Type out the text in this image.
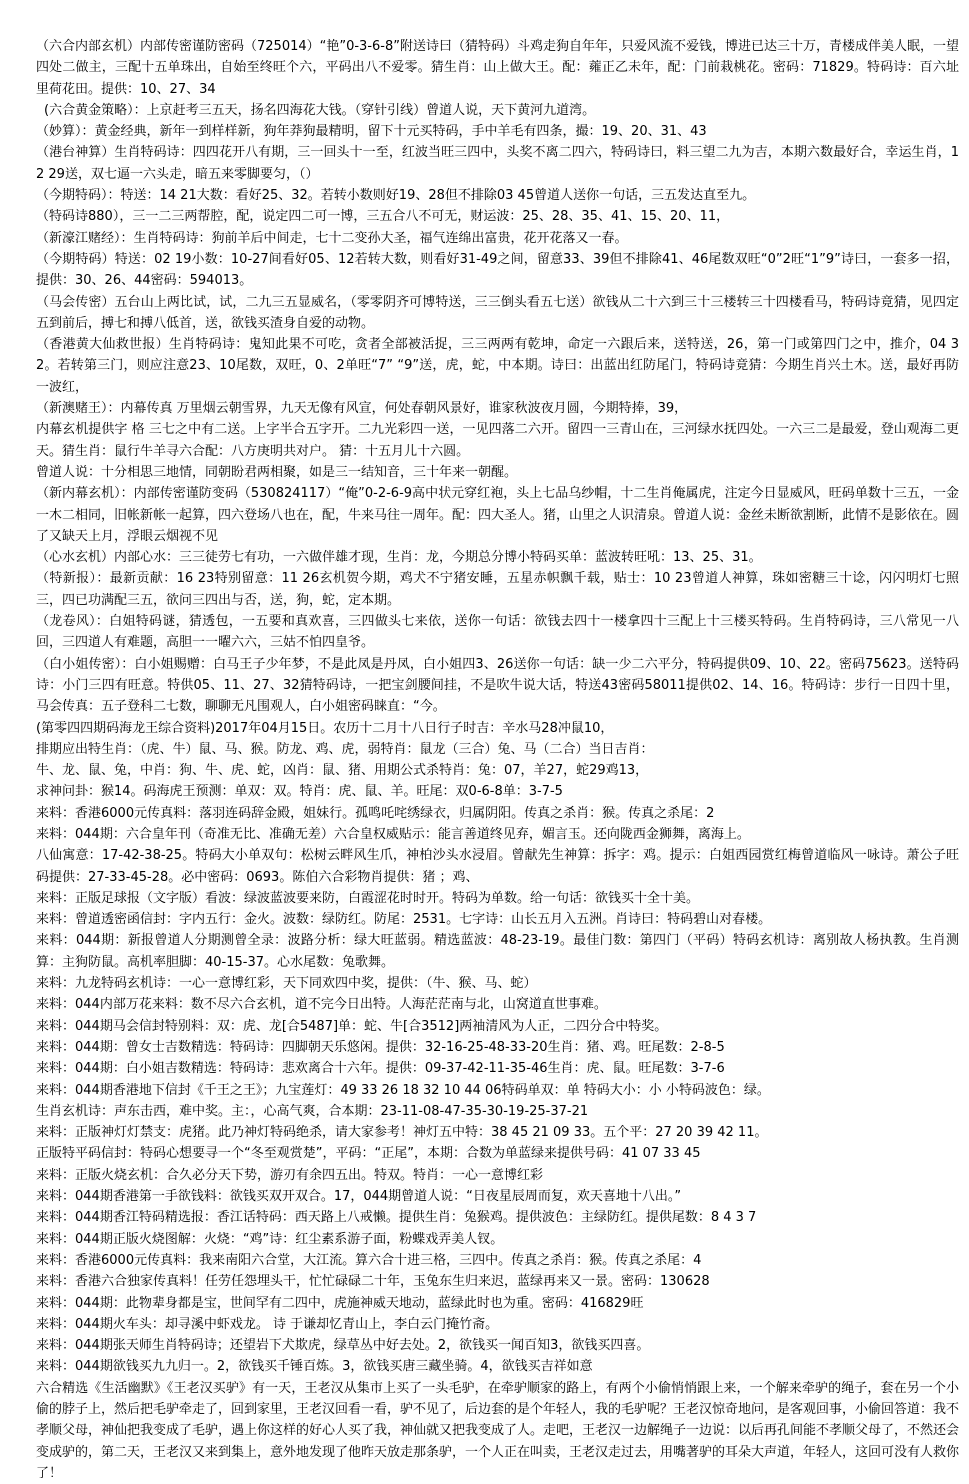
（六合内部玄机）内部传密谨防密码（725014）“艳”0-3-6-8”附送诗曰（猜特码）斗鸡走狗自年年，只爱风流不爱钱，博进已达三十万，青楼成伴美人眠，一望四处二做主，三配十五单珠出，自始至终旺个六，平码出八不爱零。猜生肖：山上做大王。配：蕹正乙未年，配：门前栽桃花。密码：71829。特码诗：百六址里荷花田。提供：10、27、34

(六合黄金策略）：上京赶考三五天，扬名四海花大钱。（穿针引线）曾道人说，天下黄河九道湾。

（妙算）：黄金经典，新年一到样样新，狗年莽狗最精明，留下十元买特码，手中羊毛有四条，撮：19、20、31、43

（港台神算）生肖特码诗：四四花开八有期，三一回头十一至，红波当旺三四中，头奖不离二四六，特码诗曰，料三望二九为吉，本期六数最好合，幸运生肖，12 29送，双七逼一六头走，暗五来零脚要匀，（）

（今期特码）：特送：14 21大数：看好25、32。若转小数则好19、28但不排除03 45曾道人送你一句话，三五发达直至九。

（特码诗880），三一二三两帮腔，配，说定四二可一博，三五合八不可无，财运波：25、28、35、41、15、20、11，

（新濠江赌经）：生肖特码诗：狗前羊后中间走，七十二变孙大圣，福气连绵出富贵，花开花落又一春。

（今期特码）特送：02 19小数：10-27间看好05、12若转大数，则看好31-49之间，留意33、39但不排除41、46尾数双旺“0”2旺“1”9”诗曰，一套多一招，提供：30、26、44密码：594013。

（马会传密）五台山上两比试，试，二九三五显威名，（零零阴齐可博特送，三三倒头看五七送）欲钱从二十六到三十三楼转三十四楼看马，特码诗竟猜，见四定五到前后，搏七和搏八低首，送，欲钱买渣身自爱的动物。

（香港黄大仙救世报）生肖特码诗：鬼知此果不可吃，贪者全部被活捉，三三两两有乾坤，命定一六跟后来，送特送，26，第一门或第四门之中，推介，04 32。若转第三门，则应注意23、10尾数，双旺，0、2单旺“7” “9”送，虎，蛇，中本期。诗曰：出蓝出红防尾门，特码诗竟猜：今期生肖兴土木。送，最好再防一波红，

（新澳赌王）：内幕传真 万里烟云朝雪界，九天无像有风宣，何处春朝风景好，谁家秋波夜月圆，今期特捧，39，

内幕玄机提供字 格 三七之中有二送。上字半合五字开。二九光彩四一送，一见四落二六开。留四一三青山在，三河绿水抚四处。一六三二是最爱，登山观海二更天。猜生肖：鼠行牛羊寻六合配：八方庚明共对户。 猜：十五月儿十六圆。

曾道人说：十分相思三地情，同朝盼君两相聚，如是三一结知音，三十年来一朝醒。

（新内幕玄机）：内部传密谨防变码（530824117）“俺”0-2-6-9高中状元穿红袍，头上七品乌纱帽，十二生肖俺属虎，注定今日显威风，旺码单数十三五，一金一木二相同，旧帐新帐一起算，四六登场八也在，配，牛来马往一周年。配：四大圣人。猪，山里之人识清泉。曾道人说：金丝未断欲割断，此情不是影依在。圆了又缺天上月，浮眼云烟视不见

（心水玄机）内部心水：三三徒劳七有功，一六做伴雄才现，生肖：龙，今期总分博小特码买单：蓝波转旺吼：13、25、31。

（特新报）：最新贡献：16 23特别留意：11 26玄机贺今期，鸡犬不宁猪安睡，五星赤帜飘千载，贴士：10 23曾道人神算，珠如密糖三十谂，闪闪明灯七照三，四已功满配三五，欲问三四出与否，送，狗，蛇，定本期。

（龙卷风）：白姐特码谜，猜透包，一五要和真欢喜，三四做头七来依，送你一句话：欲钱去四十一楼拿四十三配上十三楼买特码。生肖特码诗，三八常见一八回，三四道人有难题，高胆一一曜六六，三姑不怕四皇爷。

（白小姐传密）：白小姐赐赠：白马王子少年梦，不是此凤是丹凤，白小姐四3、26送你一句话：缺一少二六平分，特码提供09、10、22。密码75623。送特码诗：小门三四有旺意。特供05、11、27、32猜特码诗，一把宝剑腰间挂，不是吹牛说大话，特送43密码58011提供02、14、16。特码诗：步行一日四十里，马会传真：五子登科二七数，聊聊无凡围观人，白小姐密码睐直：“今。

(第零四四期码海龙王综合资料)2017年04月15日。农历十二月十八日行子时吉：辛水马28冲鼠10，

排期应出特生肖：（虎、牛）鼠、马、猴。防龙、鸡、虎，弱特肖：鼠龙（三合）兔、马（二合）当日吉肖：

牛、龙、鼠、兔，中肖：狗、牛、虎、蛇，凶肖：鼠、猪、用期公式杀特肖：兔：07，羊27，蛇29鸡13，

求神问卦：猴14。码海虎王预测：单双：双。特肖：虎、鼠、羊。旺尾：双0-6-8单：3-7-5

来料：香港6000元传真料：落羽连码辞金殿，姐妹行。孤鸣吒咤绣绿衣，归属阴阳。传真之杀肖：猴。传真之杀尾：2

来料：044期：六合皇年刊（奇准无比、准确无差）六合皇权威贴示：能言善道终见弃，媚言玉。还向陇西金狮舞，离海上。

八仙寓意：17-42-38-25。特码大小单双句：松树云畔风生爪，神柏沙头水浸眉。曾献先生神算：拆字：鸡。提示：白姐西园赏红梅曾道临风一咏诗。萧公子旺码提供：27-33-45-28。必中密码：0693。陈伯六合彩物肖提供：猪 ；鸡、

来料：正版足球报（文字版）看波：绿波蓝波要来防，白霞涩花时时开。特码为单数。给一句话：欲钱买十全十美。

来料：曾道透密函信封：字内五行：金火。波数：绿防红。防尾：2531。七字诗：山长五月入五洲。肖诗曰：特码碧山对春楼。

来料：044期：新报曾道人分期测曾全录：波路分析：绿大旺蓝弱。精选蓝波：48-23-19。最佳门数：第四门（平码）特码玄机诗：离别故人杨执教。生肖测算：主狗防鼠。高机率胆脚：40-15-37。心水尾数：兔歌舞。

来料：九龙特码玄机诗：一心一意博红彩，天下同欢四中奖，提供：（牛、猴、马、蛇）

来料：044内部万花来料：数不尽六合玄机，道不完今日出特。人海茫茫南与北，山窝道直世事难。

来料：044期马会信封特别料：双：虎、龙[合5487]单：蛇、牛[合3512]两袖清风为人正，二四分合中特奖。

来料：044期：曾女士吉数精选：特码诗：四脚朝天乐悠闲。提供：32-16-25-48-33-20生肖：猪、鸡。旺尾数：2-8-5

来料：044期：白小姐吉数精选：特码诗：悲欢离合十六年。提供：09-37-42-11-35-46生肖：虎、鼠。旺尾数：3-7-6

来料：044期香港地下信封《千王之王》；九宝莲灯：49 33 26 18 32 10 44 06特码单双：单 特码大小：小 小特码波色：绿。

生肖玄机诗：声东击西，难中奖。主：，心高气爽，合本期：23-11-08-47-35-30-19-25-37-21

来料：正版神灯灯禁支：虎猪。此乃神灯特码绝杀，请大家参考！神灯五中特：38 45 21 09 33。五个平：27 20 39 42 11。

正版特平码信封：特码心想要寻一个“冬至观赏楚”，平码：“正尾”，本期：合数为单蓝绿来提供号码：41 07 33 45

来料：正版火烧玄机：合久必分天下势，游刃有余四五出。特双。特肖：一心一意博红彩

来料：044期香港第一手欲钱料：欲钱买双开双合。17，044期曾道人说：“日夜星辰周而复，欢天喜地十八出。”

来料：044期香江特码精选报：香江话特码：西天路上八戒懒。提供生肖：兔猴鸡。提供波色：主绿防红。提供尾数：8 4 3 7

来料：044期正版火烧图解：火烧：“鸡”诗：红尘素系游子面，粉蝶戏弄美人钗。

来料：香港6000元传真料：我来南阳六合堂，大江流。算六合十进三格，三四中。传真之杀肖：猴。传真之杀尾：4

来料：香港六合独家传真料！任劳任怨埋头干，忙忙碌碌二十年，玉兔东生归来迟，蓝绿再来又一景。密码：130628

来料：044期：此物辈身都是宝，世间罕有二四中，虎施神威天地动，蓝绿此时也为重。密码：416829旺

来料：044期火车头：却寻溪中虾戏龙。 诗 于谦却忆青山上，李白云门掩竹斋。

来料：044期张天师生肖特码诗；还望岩下犬欺虎，绿草丛中好去处。2，欲钱买一闻百知3，欲钱买四喜。

来料：044期欲钱买九九归一。2，欲钱买千锤百炼。3，欲钱买唐三藏坐骑。4，欲钱买吉祥如意

六合精选《生活幽默》《王老汉买驴》有一天，王老汉从集市上买了一头毛驴，在牵驴顺家的路上，有两个小偷悄悄跟上来，一个解来牵驴的绳子，套在另一个小偷的脖子上，然后把毛驴牵走了，回到家里，王老汉回看一看，驴不见了，后边套的是个年轻人，我的毛驴呢？王老汉惊奇地问，是客观回事，小偷回答道：我不孝顺父母，神仙把我变成了毛驴，遇上你这样的好心人买了我，神仙就又把我变成了人。走吧，王老汉一边解绳子一边说：以后再孔间能不孝顺父母了，不然还会变成驴的，第二天，王老汉又来到集上，意外地发现了他昨天放走那条驴，一个人正在叫卖，王老汉走过去，用嘴著驴的耳朵大声道，年轻人，这回可没有人救你了！
